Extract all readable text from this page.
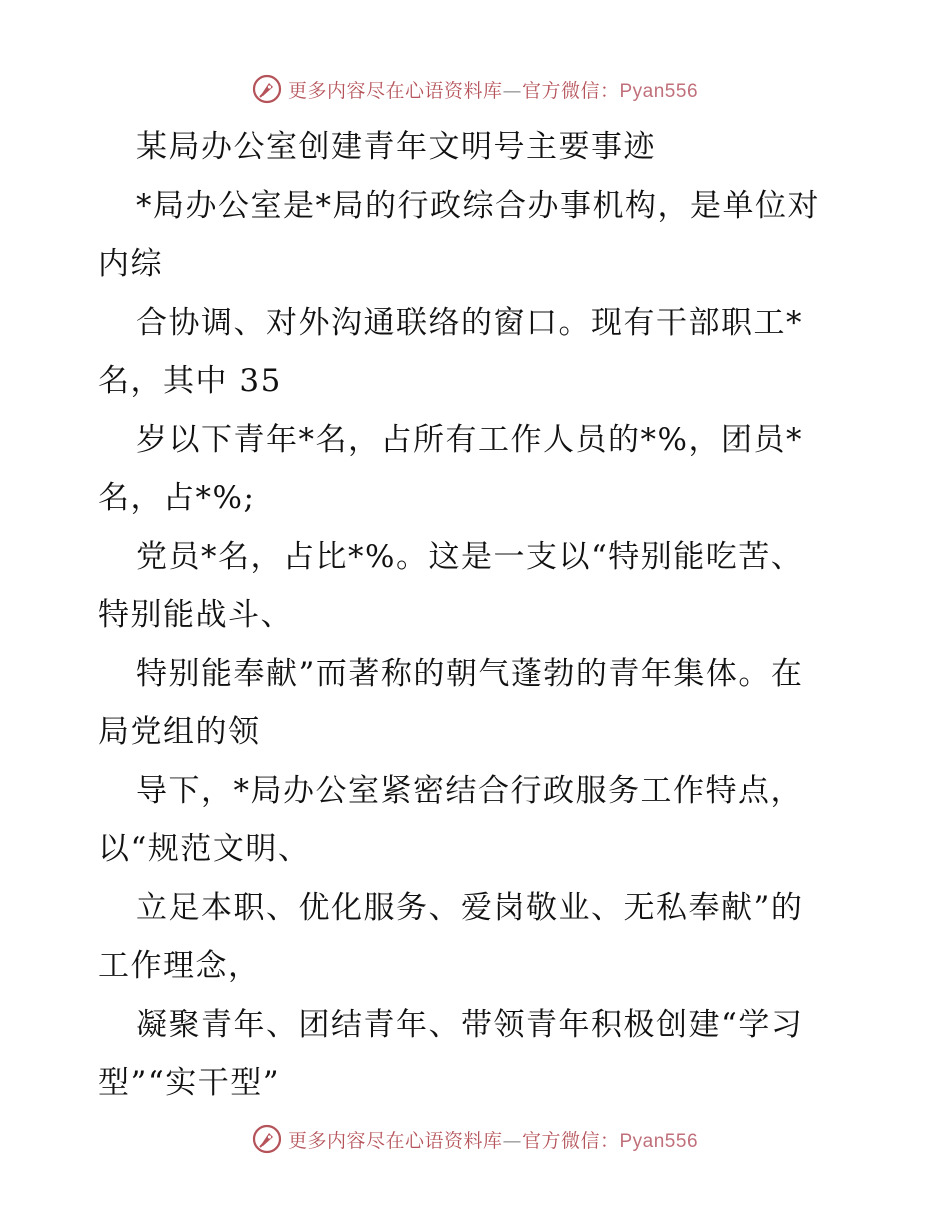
更多内容尽在心语资料库—官方微信：Pyan556
某局办公室创建青年文明号主要事迹
*局办公室是*局的行政综合办事机构，是单位对
内综
合协调、对外沟通联络的窗口。现有干部职工*
名，其中 35
岁以下青年*名，占所有工作人员的*%，团员*
名，占*%;
党员*名，占比*%。这是一支以“特别能吃苦、
特别能战斗、
特别能奉献”而著称的朝气蓬勃的青年集体。在
局党组的领
导下，*局办公室紧密结合行政服务工作特点，
以“规范文明、
立足本职、优化服务、爱岗敬业、无私奉献”的
工作理念，
凝聚青年、团结青年、带领青年积极创建“学习
型”“实干型”
更多内容尽在心语资料库—官方微信：Pyan556
